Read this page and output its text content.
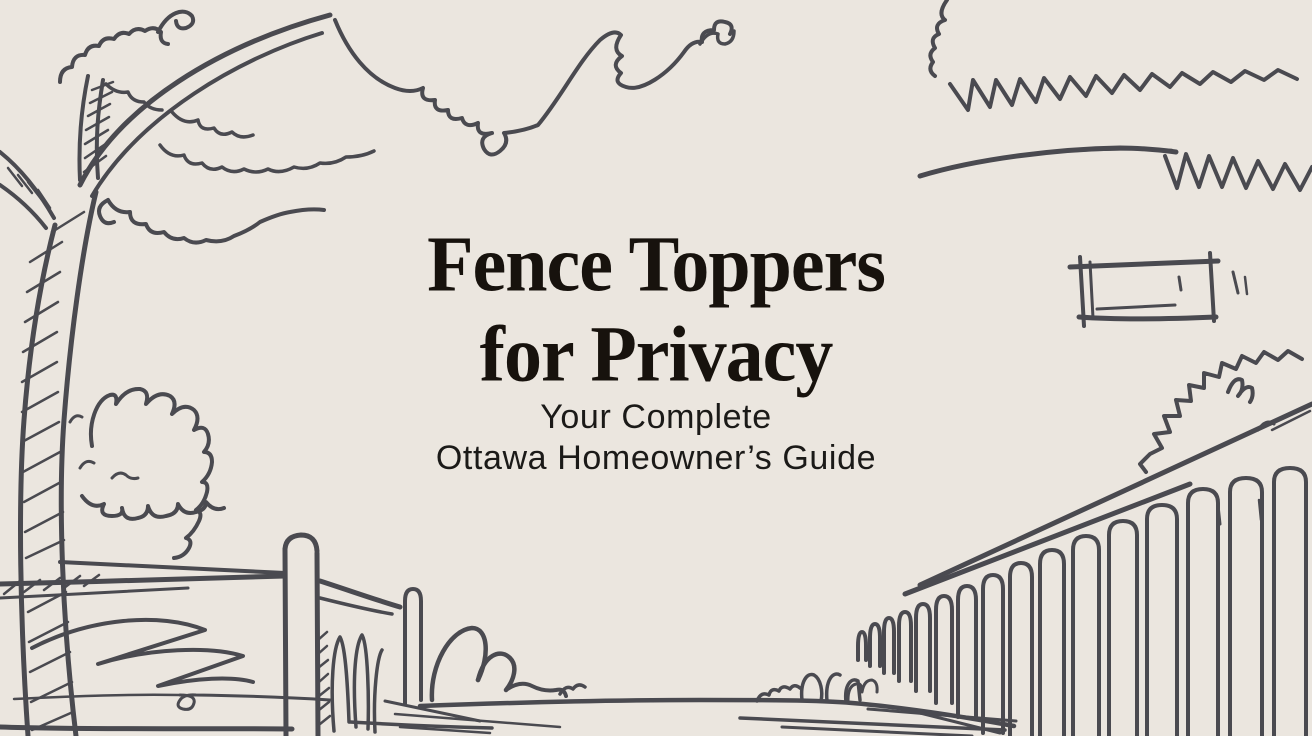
Fence Toppers
for Privacy
Your Complete
Ottawa Homeowner’s Guide
